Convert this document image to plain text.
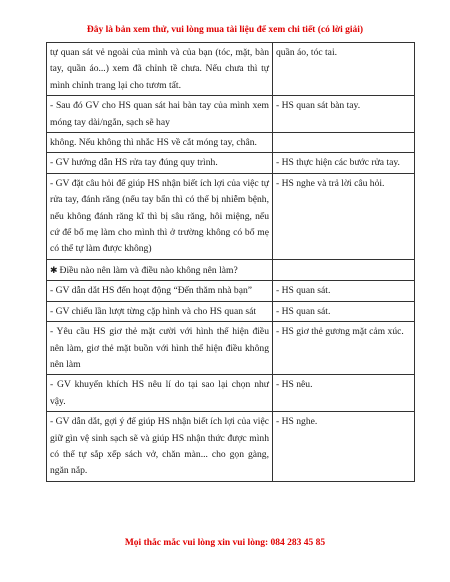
Đây là bản xem thử, vui lòng mua tài liệu để xem chi tiết (có lời giải)
tự quan sát vẻ ngoài của mình và của bạn (tóc, mặt, bàn tay, quần áo...) xem đã chỉnh tề chưa. Nếu chưa thì tự mình chỉnh trang lại cho tươm tất.	quần áo, tóc tai.
- Sau đó GV cho HS quan sát hai bàn tay của mình xem móng tay dài/ngắn, sạch sẽ hay	- HS quan sát bàn tay.
không. Nếu không thì nhắc HS về cắt móng tay, chân.	
- GV hướng dẫn HS rửa tay đúng quy trình.	- HS thực hiện các bước rửa tay.
- GV đặt câu hỏi để giúp HS nhận biết ích lợi của việc tự rửa tay, đánh răng (nếu tay bẩn thì có thể bị nhiễm bệnh, nếu không đánh răng kĩ thì bị sâu răng, hôi miệng, nếu cứ để bố mẹ làm cho mình thì ở trường không có bố mẹ có thể tự làm được không)	- HS nghe và trả lời câu hỏi.
✱ Điều nào nên làm và điều nào không nên làm?	
- GV dẫn dắt HS đến hoạt động “Đến thăm nhà bạn”	- HS quan sát.
- GV chiếu lần lượt từng cặp hình và cho HS quan sát	- HS quan sát.
- Yêu cầu HS giơ thẻ mặt cười với hình thể hiện điều nên làm, giơ thẻ mặt buồn với hình thể hiện điều không nên làm	- HS giơ thẻ gương mặt cảm xúc.
- GV khuyến khích HS nêu lí do tại sao lại chọn như vậy.	- HS nêu.
- GV dẫn dắt, gợi ý để giúp HS nhận biết ích lợi của việc giữ gìn vệ sinh sạch sẽ và giúp HS nhận thức được mình có thể tự sắp xếp sách vở, chăn màn... cho gọn gàng, ngăn nắp.	- HS nghe.
Mọi thắc mắc vui lòng xin vui lòng: 084 283 45 85
